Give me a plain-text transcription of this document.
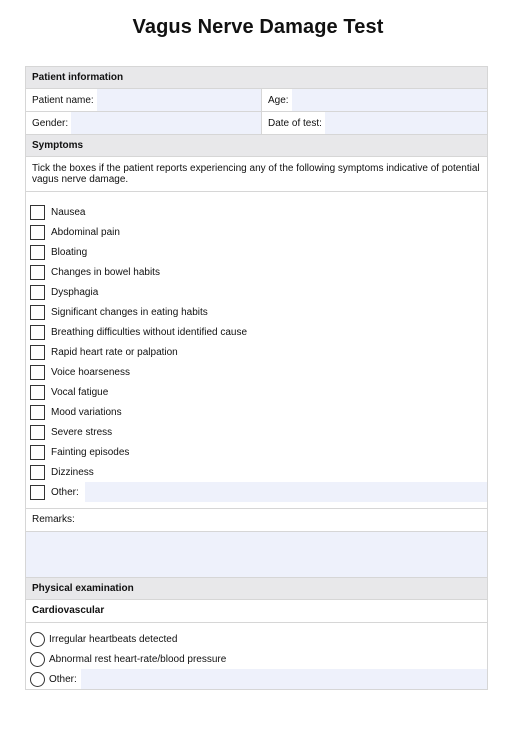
Vagus Nerve Damage Test
Patient information
Patient name:	Age:
Gender:	Date of test:
Symptoms
Tick the boxes if the patient reports experiencing any of the following symptoms indicative of potential vagus nerve damage.
Nausea
Abdominal pain
Bloating
Changes in bowel habits
Dysphagia
Significant changes in eating habits
Breathing difficulties without identified cause
Rapid heart rate or palpation
Voice hoarseness
Vocal fatigue
Mood variations
Severe stress
Fainting episodes
Dizziness
Other:
Remarks:
Physical examination
Cardiovascular
Irregular heartbeats detected
Abnormal rest heart-rate/blood pressure
Other:
